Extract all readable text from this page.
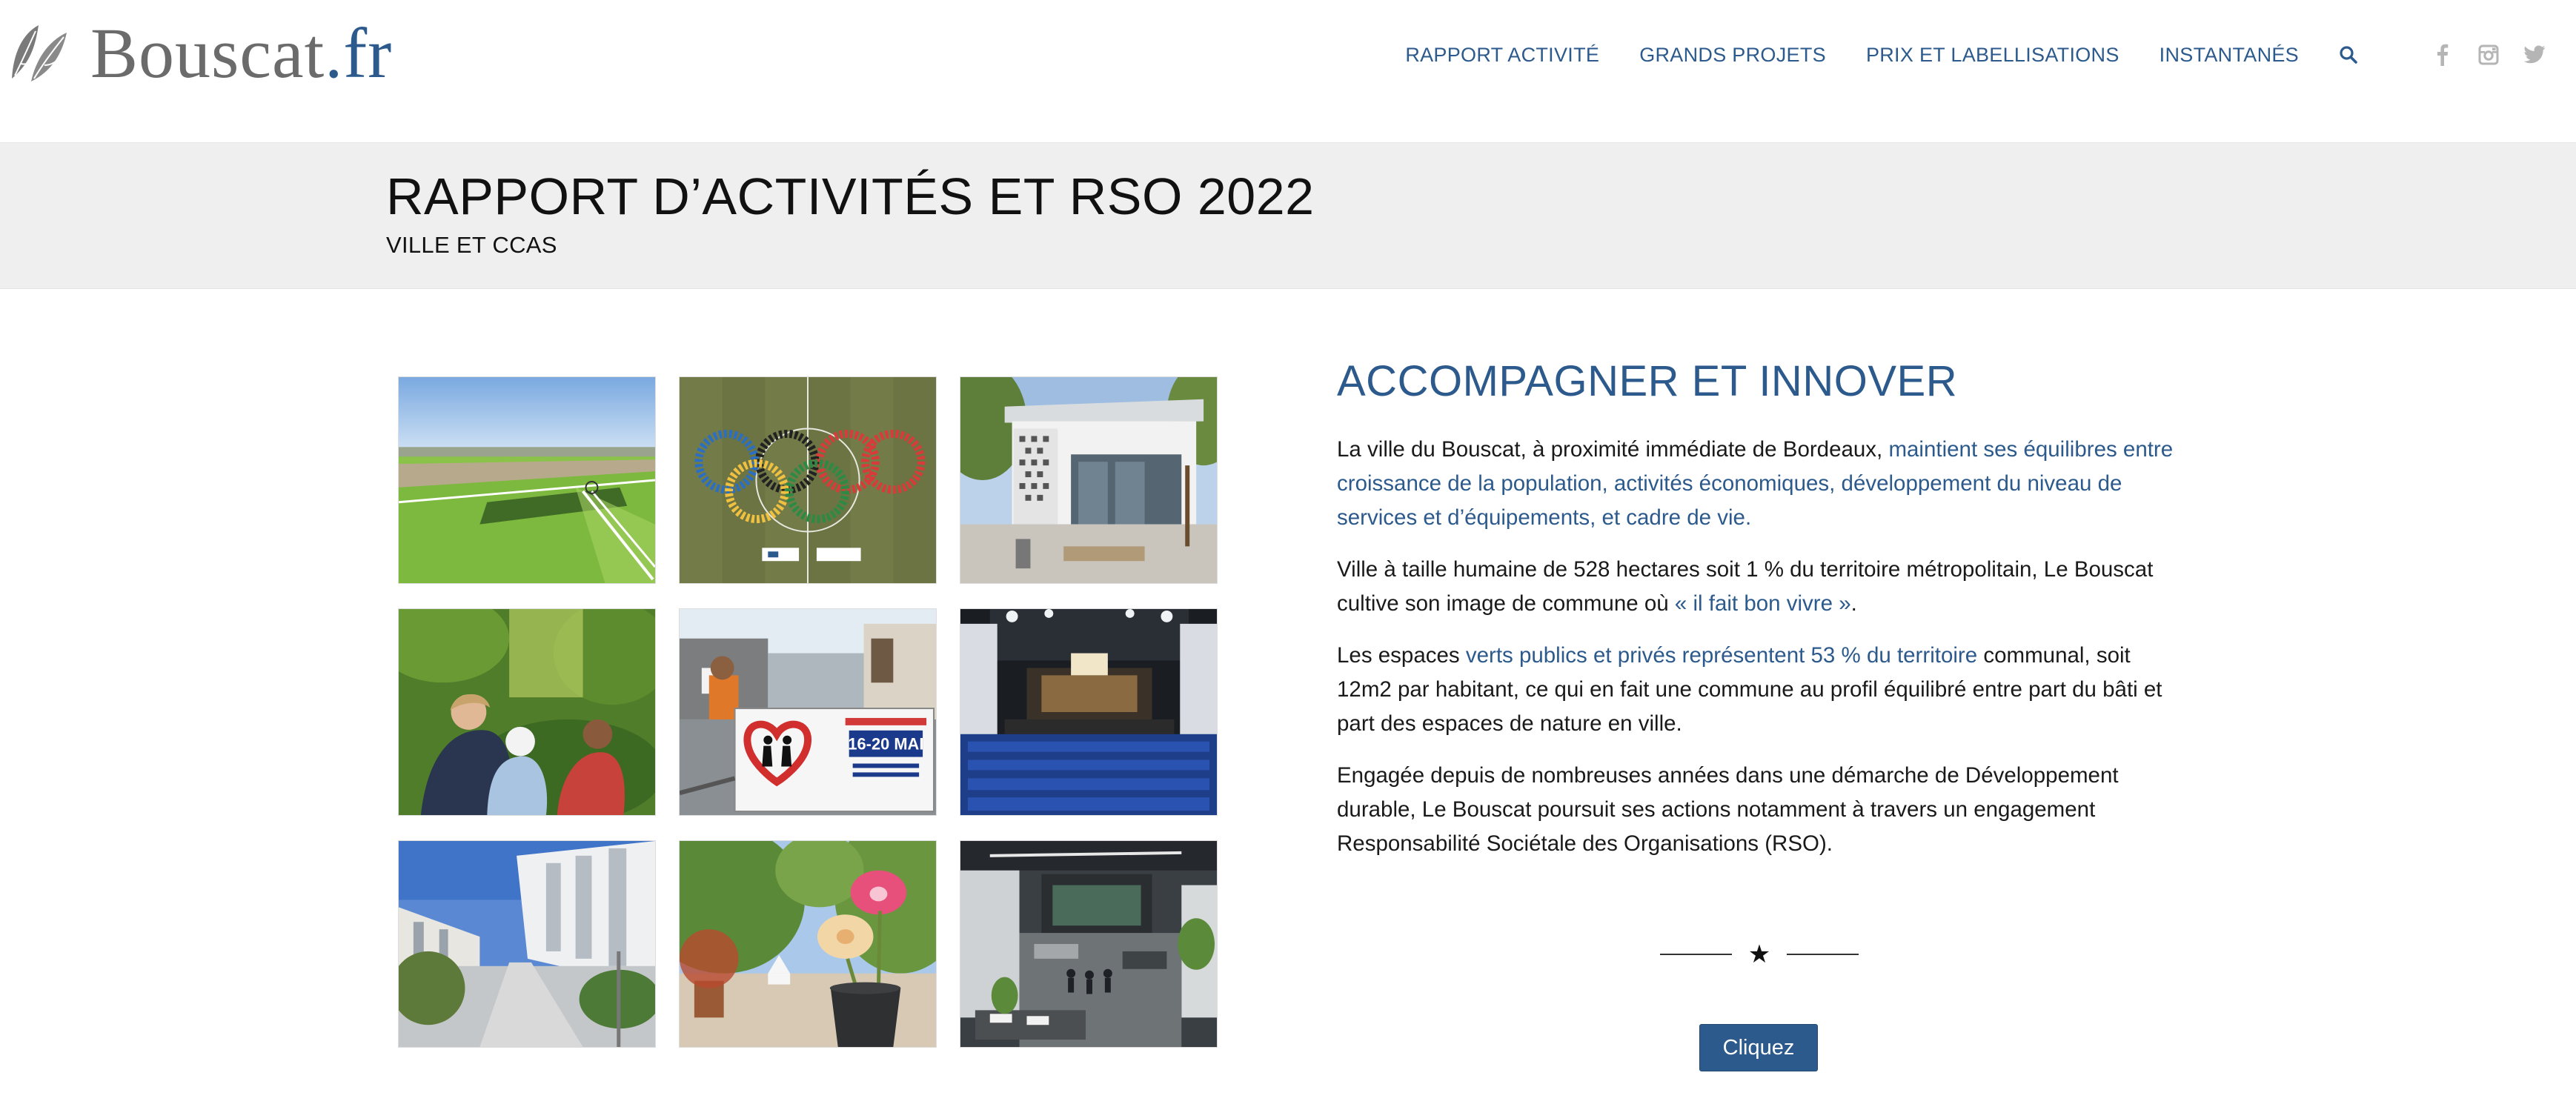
Bouscat.fr	RAPPORT ACTIVITÉ GRANDS PROJETS PRIX ET LABELLISATIONS INSTANTANÉS
RAPPORT D’ACTIVITÉS ET RSO 2022
VILLE ET CCAS
16-20 MAI
ACCOMPAGNER ET INNOVER

La ville du Bouscat, à proximité immédiate de Bordeaux, maintient ses équilibres entre croissance de la population, activités économiques, développement du niveau de services et d’équipements, et cadre de vie.

Ville à taille humaine de 528 hectares soit 1 % du territoire métropolitain, Le Bouscat cultive son image de commune où « il fait bon vivre ».

Les espaces verts publics et privés représentent 53 % du territoire communal, soit 12m2 par habitant, ce qui en fait une commune au profil équilibré entre part du bâti et part des espaces de nature en ville.

Engagée depuis de nombreuses années dans une démarche de Développement durable, Le Bouscat poursuit ses actions notamment à travers un engagement Responsabilité Sociétale des Organisations (RSO).

★
Cliquez
